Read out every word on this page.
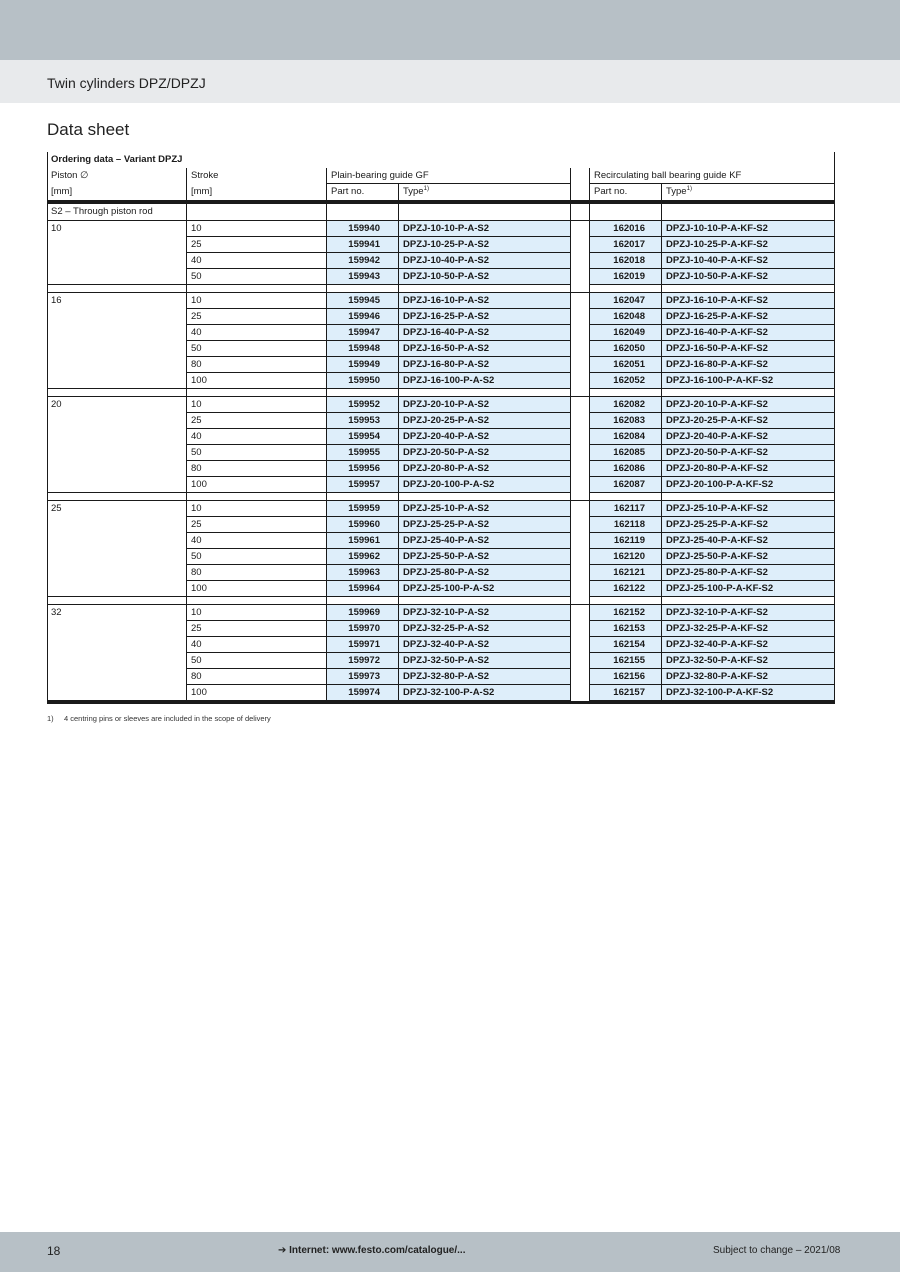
Twin cylinders DPZ/DPZJ
Data sheet
Ordering data – Variant DPZJ
Piston ∅	Stroke	Plain-bearing guide GF	Recirculating ball bearing guide KF
[mm]	[mm]	Part no.	Type$^{1)}$	Part no.	Type$^{1)}$
S2 – Through piston rod
10	10	159940	DPZJ-10-10-P-A-S2	162016	DPZJ-10-10-P-A-KF-S2
25	159941	DPZJ-10-25-P-A-S2	162017	DPZJ-10-25-P-A-KF-S2
40	159942	DPZJ-10-40-P-A-S2	162018	DPZJ-10-40-P-A-KF-S2
50	159943	DPZJ-10-50-P-A-S2	162019	DPZJ-10-50-P-A-KF-S2
16	10	159945	DPZJ-16-10-P-A-S2	162047	DPZJ-16-10-P-A-KF-S2
25	159946	DPZJ-16-25-P-A-S2	162048	DPZJ-16-25-P-A-KF-S2
40	159947	DPZJ-16-40-P-A-S2	162049	DPZJ-16-40-P-A-KF-S2
50	159948	DPZJ-16-50-P-A-S2	162050	DPZJ-16-50-P-A-KF-S2
80	159949	DPZJ-16-80-P-A-S2	162051	DPZJ-16-80-P-A-KF-S2
100	159950	DPZJ-16-100-P-A-S2	162052	DPZJ-16-100-P-A-KF-S2
20	10	159952	DPZJ-20-10-P-A-S2	162082	DPZJ-20-10-P-A-KF-S2
25	159953	DPZJ-20-25-P-A-S2	162083	DPZJ-20-25-P-A-KF-S2
40	159954	DPZJ-20-40-P-A-S2	162084	DPZJ-20-40-P-A-KF-S2
50	159955	DPZJ-20-50-P-A-S2	162085	DPZJ-20-50-P-A-KF-S2
80	159956	DPZJ-20-80-P-A-S2	162086	DPZJ-20-80-P-A-KF-S2
100	159957	DPZJ-20-100-P-A-S2	162087	DPZJ-20-100-P-A-KF-S2
25	10	159959	DPZJ-25-10-P-A-S2	162117	DPZJ-25-10-P-A-KF-S2
25	159960	DPZJ-25-25-P-A-S2	162118	DPZJ-25-25-P-A-KF-S2
40	159961	DPZJ-25-40-P-A-S2	162119	DPZJ-25-40-P-A-KF-S2
50	159962	DPZJ-25-50-P-A-S2	162120	DPZJ-25-50-P-A-KF-S2
80	159963	DPZJ-25-80-P-A-S2	162121	DPZJ-25-80-P-A-KF-S2
100	159964	DPZJ-25-100-P-A-S2	162122	DPZJ-25-100-P-A-KF-S2
32	10	159969	DPZJ-32-10-P-A-S2	162152	DPZJ-32-10-P-A-KF-S2
25	159970	DPZJ-32-25-P-A-S2	162153	DPZJ-32-25-P-A-KF-S2
40	159971	DPZJ-32-40-P-A-S2	162154	DPZJ-32-40-P-A-KF-S2
50	159972	DPZJ-32-50-P-A-S2	162155	DPZJ-32-50-P-A-KF-S2
80	159973	DPZJ-32-80-P-A-S2	162156	DPZJ-32-80-P-A-KF-S2
100	159974	DPZJ-32-100-P-A-S2	162157	DPZJ-32-100-P-A-KF-S2
1) 4 centring pins or sleeves are included in the scope of delivery
18	➔ Internet: www.festo.com/catalogue/...	Subject to change – 2021/08
